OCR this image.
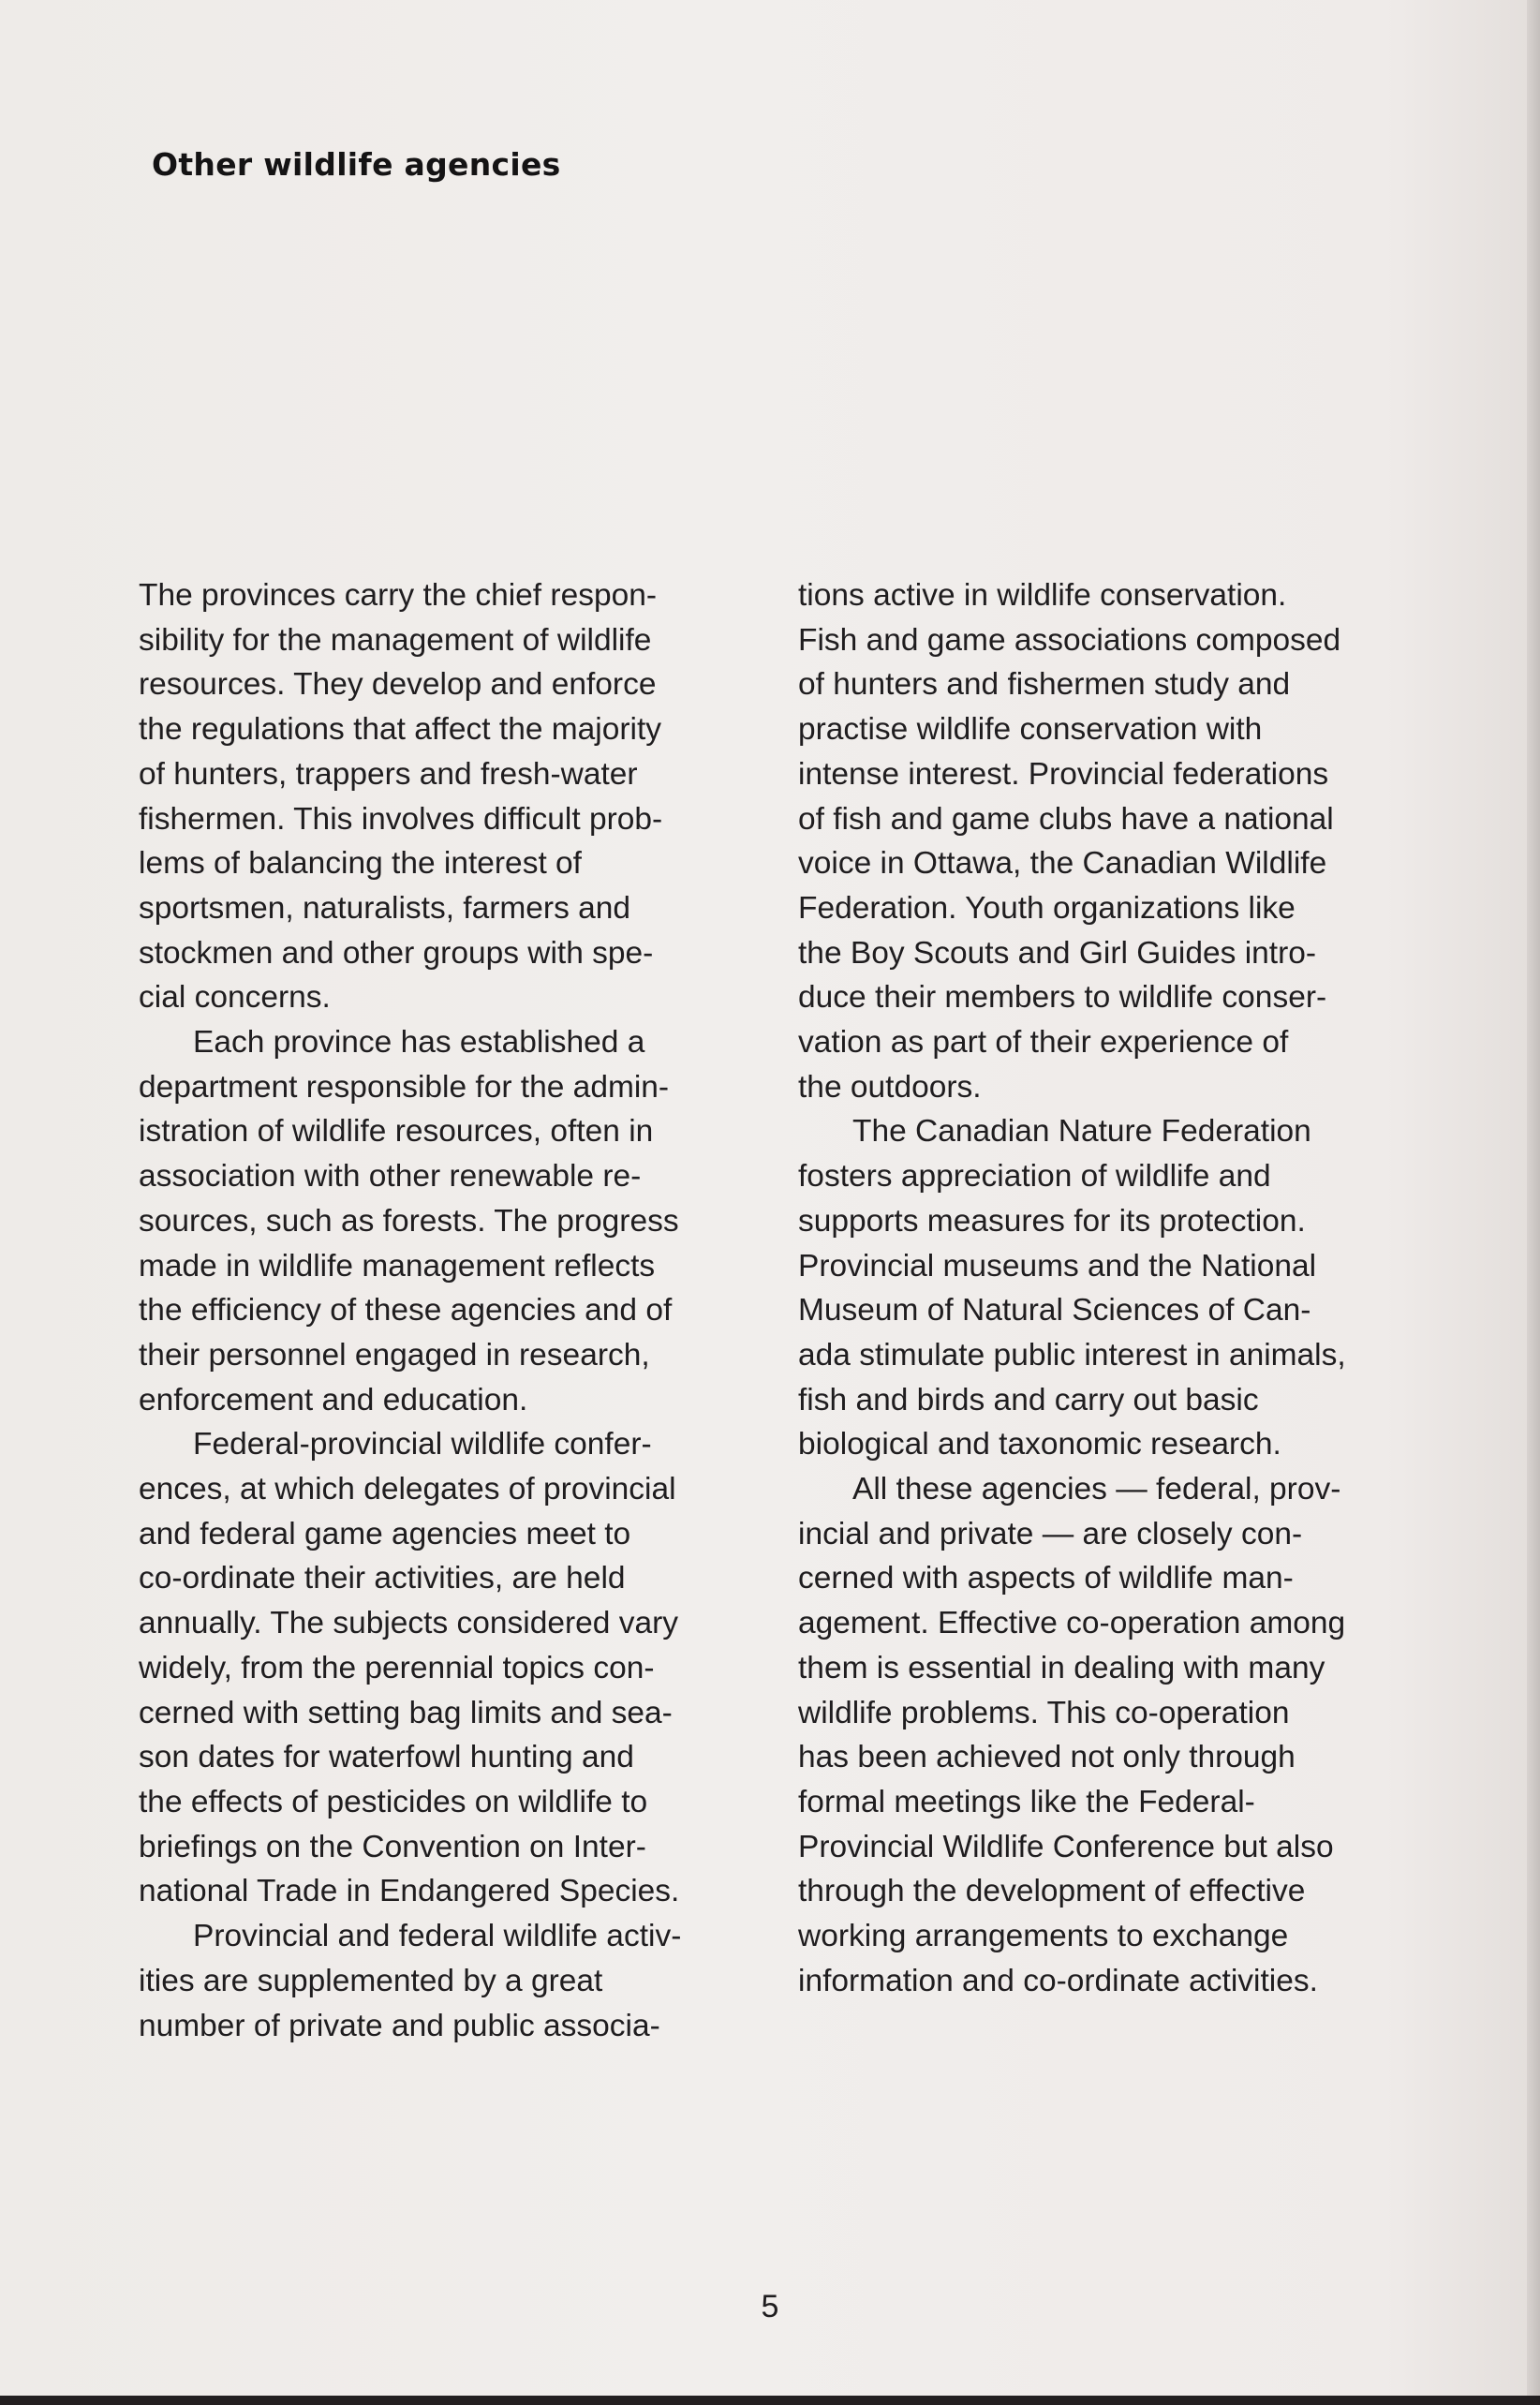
Other wildlife agencies
The provinces carry the chief respon-
sibility for the management of wildlife
resources. They develop and enforce
the regulations that affect the majority
of hunters, trappers and fresh-water
fishermen. This involves difficult prob-
lems of balancing the interest of
sportsmen, naturalists, farmers and
stockmen and other groups with spe-
cial concerns.
Each province has established a
department responsible for the admin-
istration of wildlife resources, often in
association with other renewable re-
sources, such as forests. The progress
made in wildlife management reflects
the efficiency of these agencies and of
their personnel engaged in research,
enforcement and education.
Federal-provincial wildlife confer-
ences, at which delegates of provincial
and federal game agencies meet to
co-ordinate their activities, are held
annually. The subjects considered vary
widely, from the perennial topics con-
cerned with setting bag limits and sea-
son dates for waterfowl hunting and
the effects of pesticides on wildlife to
briefings on the Convention on Inter-
national Trade in Endangered Species.
Provincial and federal wildlife activ-
ities are supplemented by a great
number of private and public associa-
tions active in wildlife conservation.
Fish and game associations composed
of hunters and fishermen study and
practise wildlife conservation with
intense interest. Provincial federations
of fish and game clubs have a national
voice in Ottawa, the Canadian Wildlife
Federation. Youth organizations like
the Boy Scouts and Girl Guides intro-
duce their members to wildlife conser-
vation as part of their experience of
the outdoors.
The Canadian Nature Federation
fosters appreciation of wildlife and
supports measures for its protection.
Provincial museums and the National
Museum of Natural Sciences of Can-
ada stimulate public interest in animals,
fish and birds and carry out basic
biological and taxonomic research.
All these agencies — federal, prov-
incial and private — are closely con-
cerned with aspects of wildlife man-
agement. Effective co-operation among
them is essential in dealing with many
wildlife problems. This co-operation
has been achieved not only through
formal meetings like the Federal-
Provincial Wildlife Conference but also
through the development of effective
working arrangements to exchange
information and co-ordinate activities.
5
